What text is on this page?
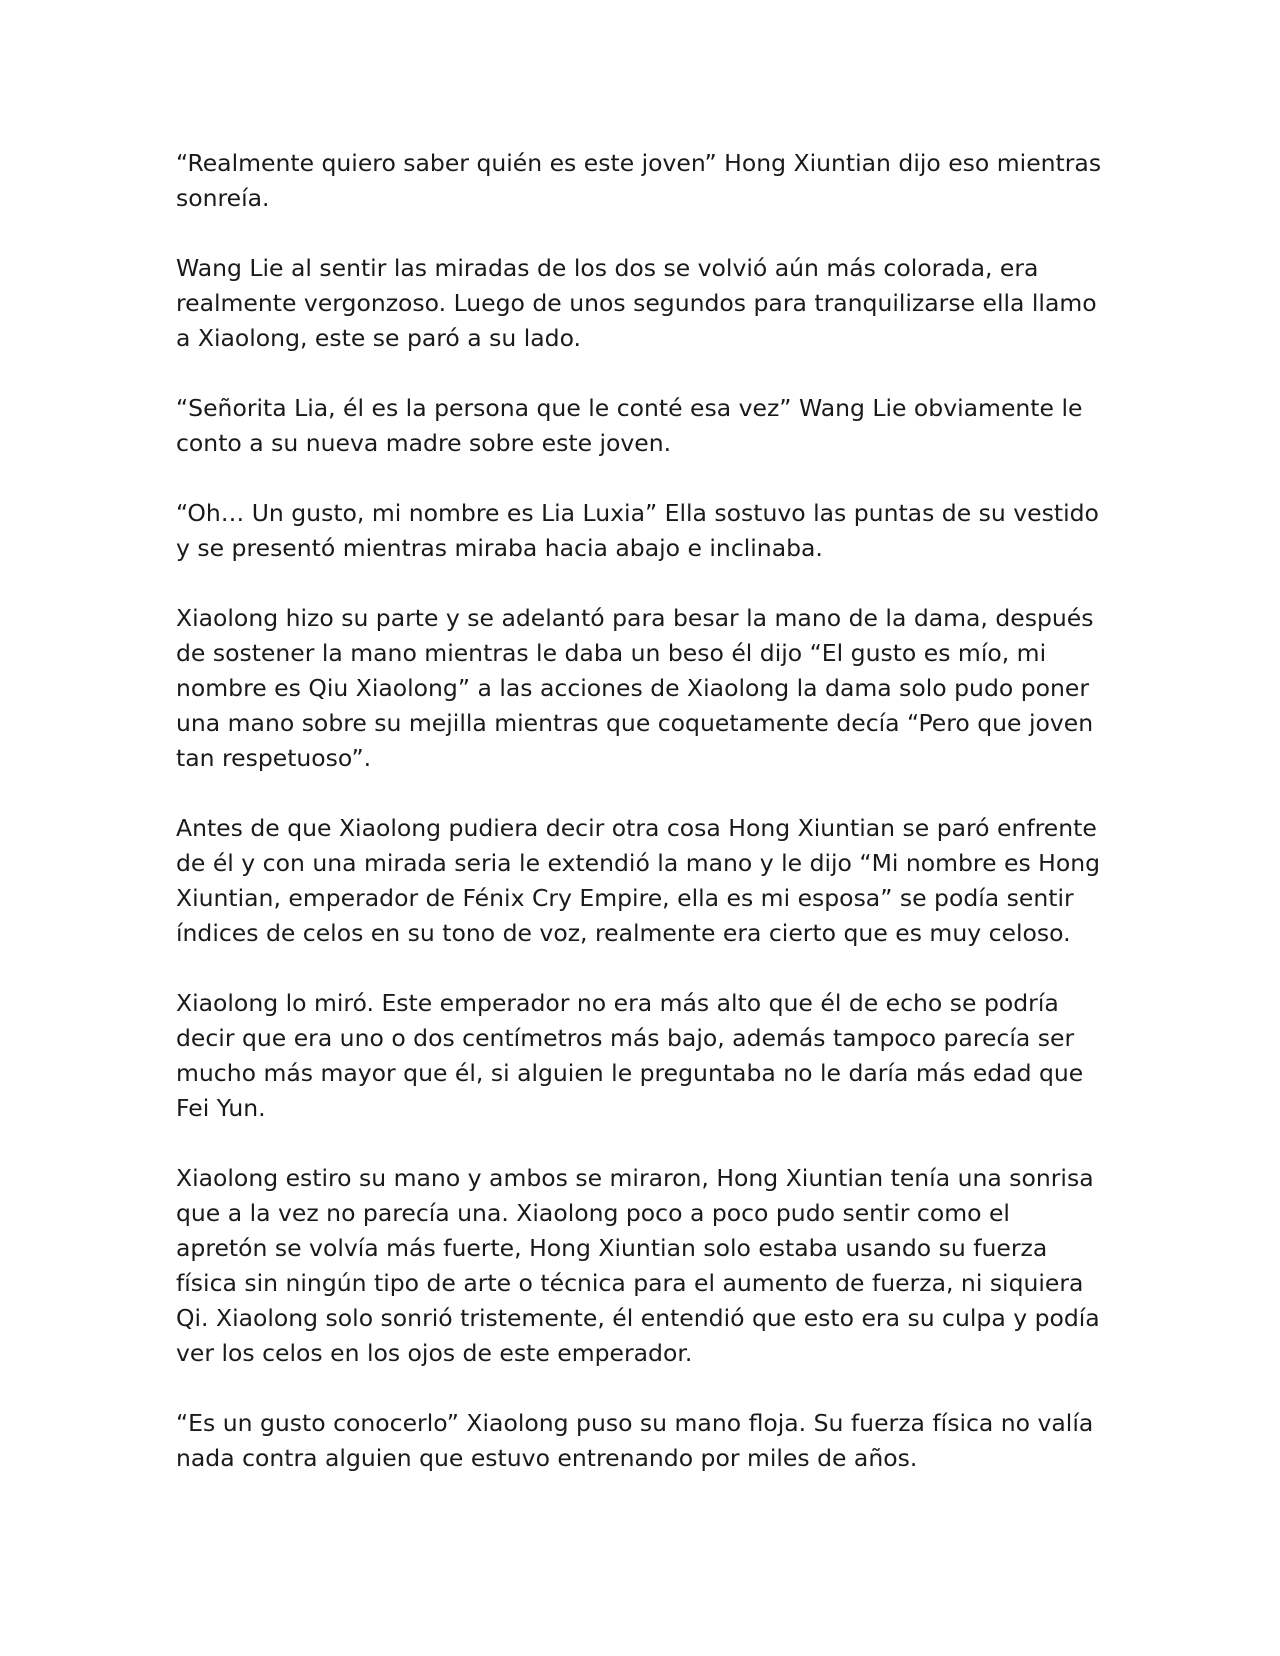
“Realmente quiero saber quién es este joven” Hong Xiuntian dijo eso mientras sonreía.

Wang Lie al sentir las miradas de los dos se volvió aún más colorada, era realmente vergonzoso. Luego de unos segundos para tranquilizarse ella llamo a Xiaolong, este se paró a su lado.

“Señorita Lia, él es la persona que le conté esa vez” Wang Lie obviamente le conto a su nueva madre sobre este joven.

“Oh… Un gusto, mi nombre es Lia Luxia” Ella sostuvo las puntas de su vestido y se presentó mientras miraba hacia abajo e inclinaba.

Xiaolong hizo su parte y se adelantó para besar la mano de la dama, después de sostener la mano mientras le daba un beso él dijo “El gusto es mío, mi nombre es Qiu Xiaolong” a las acciones de Xiaolong la dama solo pudo poner una mano sobre su mejilla mientras que coquetamente decía “Pero que joven tan respetuoso”.

Antes de que Xiaolong pudiera decir otra cosa Hong Xiuntian se paró enfrente de él y con una mirada seria le extendió la mano y le dijo “Mi nombre es Hong Xiuntian, emperador de Fénix Cry Empire, ella es mi esposa” se podía sentir índices de celos en su tono de voz, realmente era cierto que es muy celoso.

Xiaolong lo miró. Este emperador no era más alto que él de echo se podría decir que era uno o dos centímetros más bajo, además tampoco parecía ser mucho más mayor que él, si alguien le preguntaba no le daría más edad que Fei Yun.

Xiaolong estiro su mano y ambos se miraron, Hong Xiuntian tenía una sonrisa que a la vez no parecía una. Xiaolong poco a poco pudo sentir como el apretón se volvía más fuerte, Hong Xiuntian solo estaba usando su fuerza física sin ningún tipo de arte o técnica para el aumento de fuerza, ni siquiera Qi. Xiaolong solo sonrió tristemente, él entendió que esto era su culpa y podía ver los celos en los ojos de este emperador.

“Es un gusto conocerlo” Xiaolong puso su mano floja. Su fuerza física no valía nada contra alguien que estuvo entrenando por miles de años.
